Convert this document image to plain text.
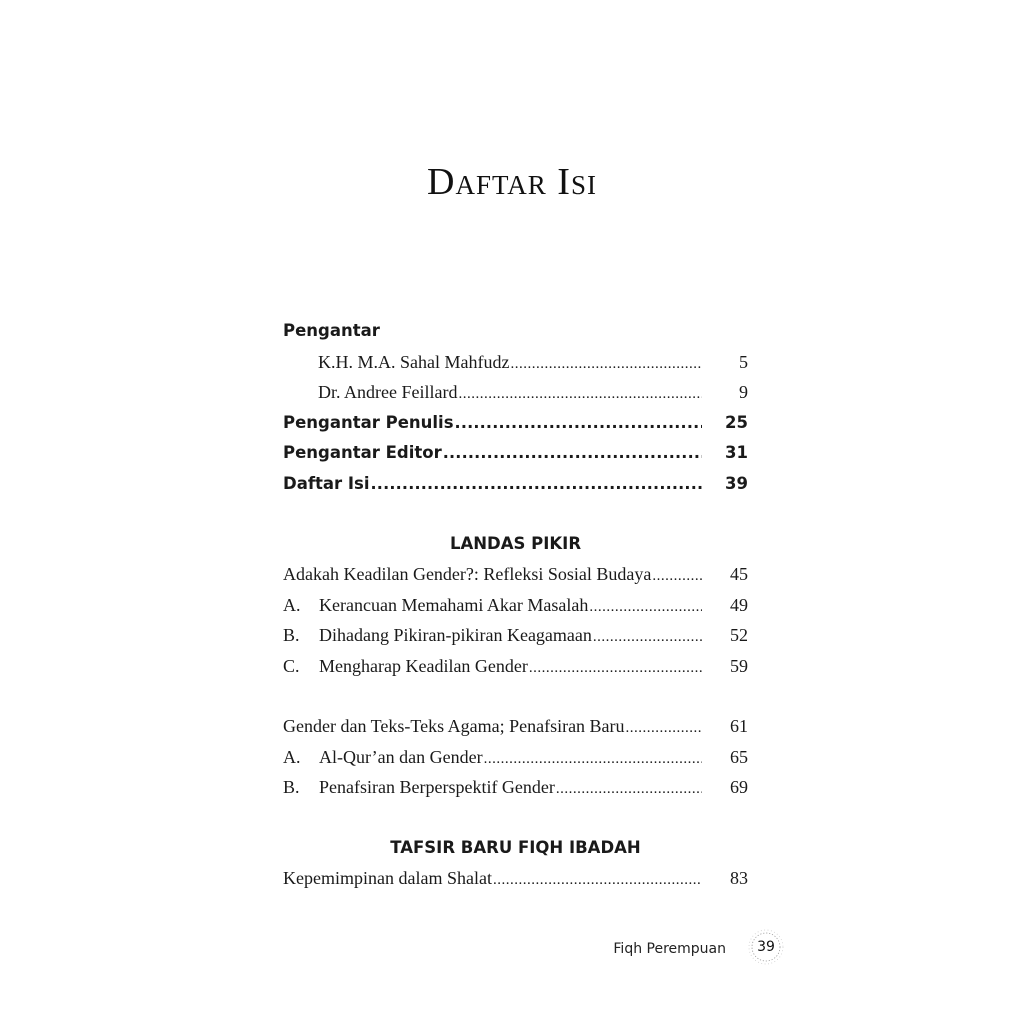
Daftar Isi
Pengantar
K.H. M.A. Sahal Mahfudz .....	5
Dr. Andree Feillard .....	9
Pengantar Penulis .....	25
Pengantar Editor .....	31
Daftar Isi .....	39
LANDAS PIKIR
Adakah Keadilan Gender?: Refleksi Sosial Budaya .....	45
A.	Kerancuan Memahami Akar Masalah .....	49
B.	Dihadang Pikiran-pikiran Keagamaan .....	52
C.	Mengharap Keadilan Gender .....	59
Gender dan Teks-Teks Agama; Penafsiran Baru .....	61
A.	Al-Qur’an dan Gender .....	65
B.	Penafsiran Berperspektif Gender .....	69
TAFSIR BARU FIQH IBADAH
Kepemimpinan dalam Shalat .....	83
Fiqh Perempuan	39
